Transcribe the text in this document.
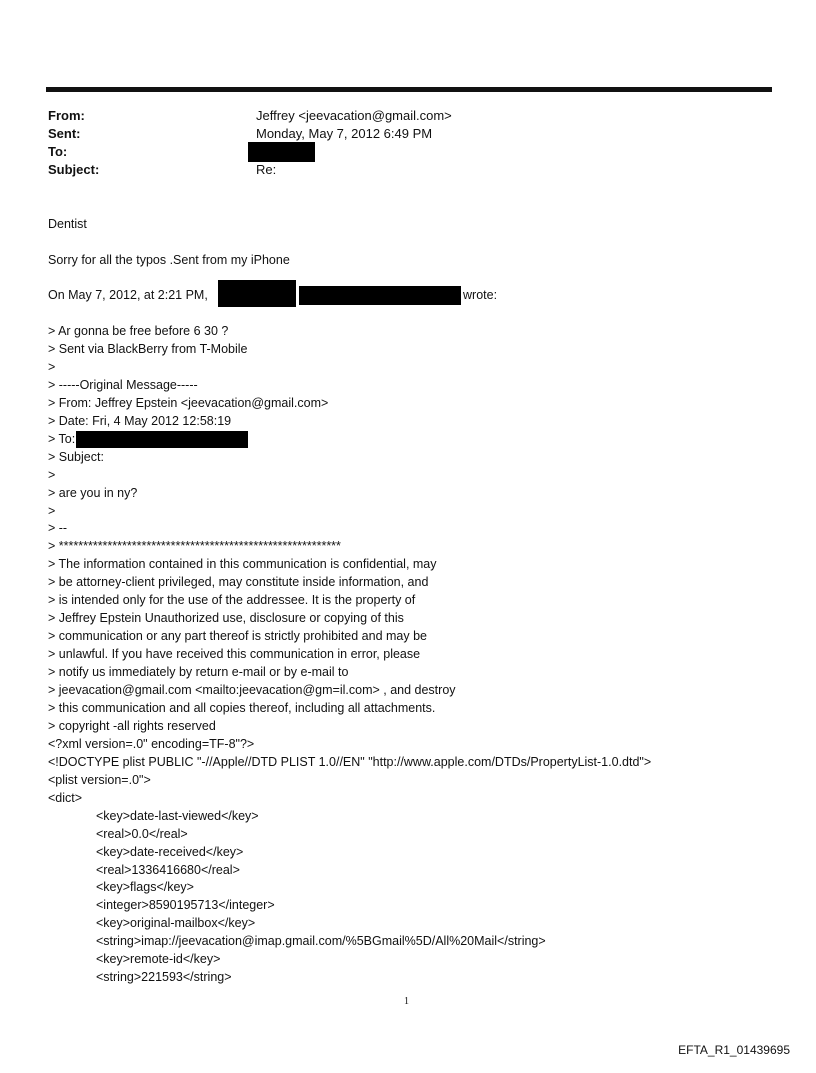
From:	Jeffrey <jeevacation@gmail.com>
Sent:	Monday, May 7, 2012 6:49 PM
To:
Subject:	Re:
Dentist
Sorry for all the typos .Sent from my iPhone
On May 7, 2012, at 2:21 PM,	wrote:
> Ar gonna be free before 6 30 ?
> Sent via BlackBerry from T-Mobile
>
> -----Original Message-----
> From: Jeffrey Epstein <jeevacation@gmail.com>
> Date: Fri, 4 May 2012 12:58:19
> To:
> Subject:
>
> are you in ny?
>
> --
> **********************************************************
> The information contained in this communication is confidential, may
> be attorney-client privileged, may constitute inside information, and
> is intended only for the use of the addressee. It is the property of
> Jeffrey Epstein Unauthorized use, disclosure or copying of this
> communication or any part thereof is strictly prohibited and may be
> unlawful. If you have received this communication in error, please
> notify us immediately by return e-mail or by e-mail to
> jeevacation@gmail.com <mailto:jeevacation@gm=il.com> , and destroy
> this communication and all copies thereof, including all attachments.
> copyright -all rights reserved
<?xml version=.0" encoding=TF-8"?>
<!DOCTYPE plist PUBLIC "-//Apple//DTD PLIST 1.0//EN" "http://www.apple.com/DTDs/PropertyList-1.0.dtd">
<plist version=.0">
<dict>
<key>date-last-viewed</key>
<real>0.0</real>
<key>date-received</key>
<real>1336416680</real>
<key>flags</key>
<integer>8590195713</integer>
<key>original-mailbox</key>
<string>imap://jeevacation@imap.gmail.com/%5BGmail%5D/All%20Mail</string>
<key>remote-id</key>
<string>221593</string>
1
EFTA_R1_01439695
